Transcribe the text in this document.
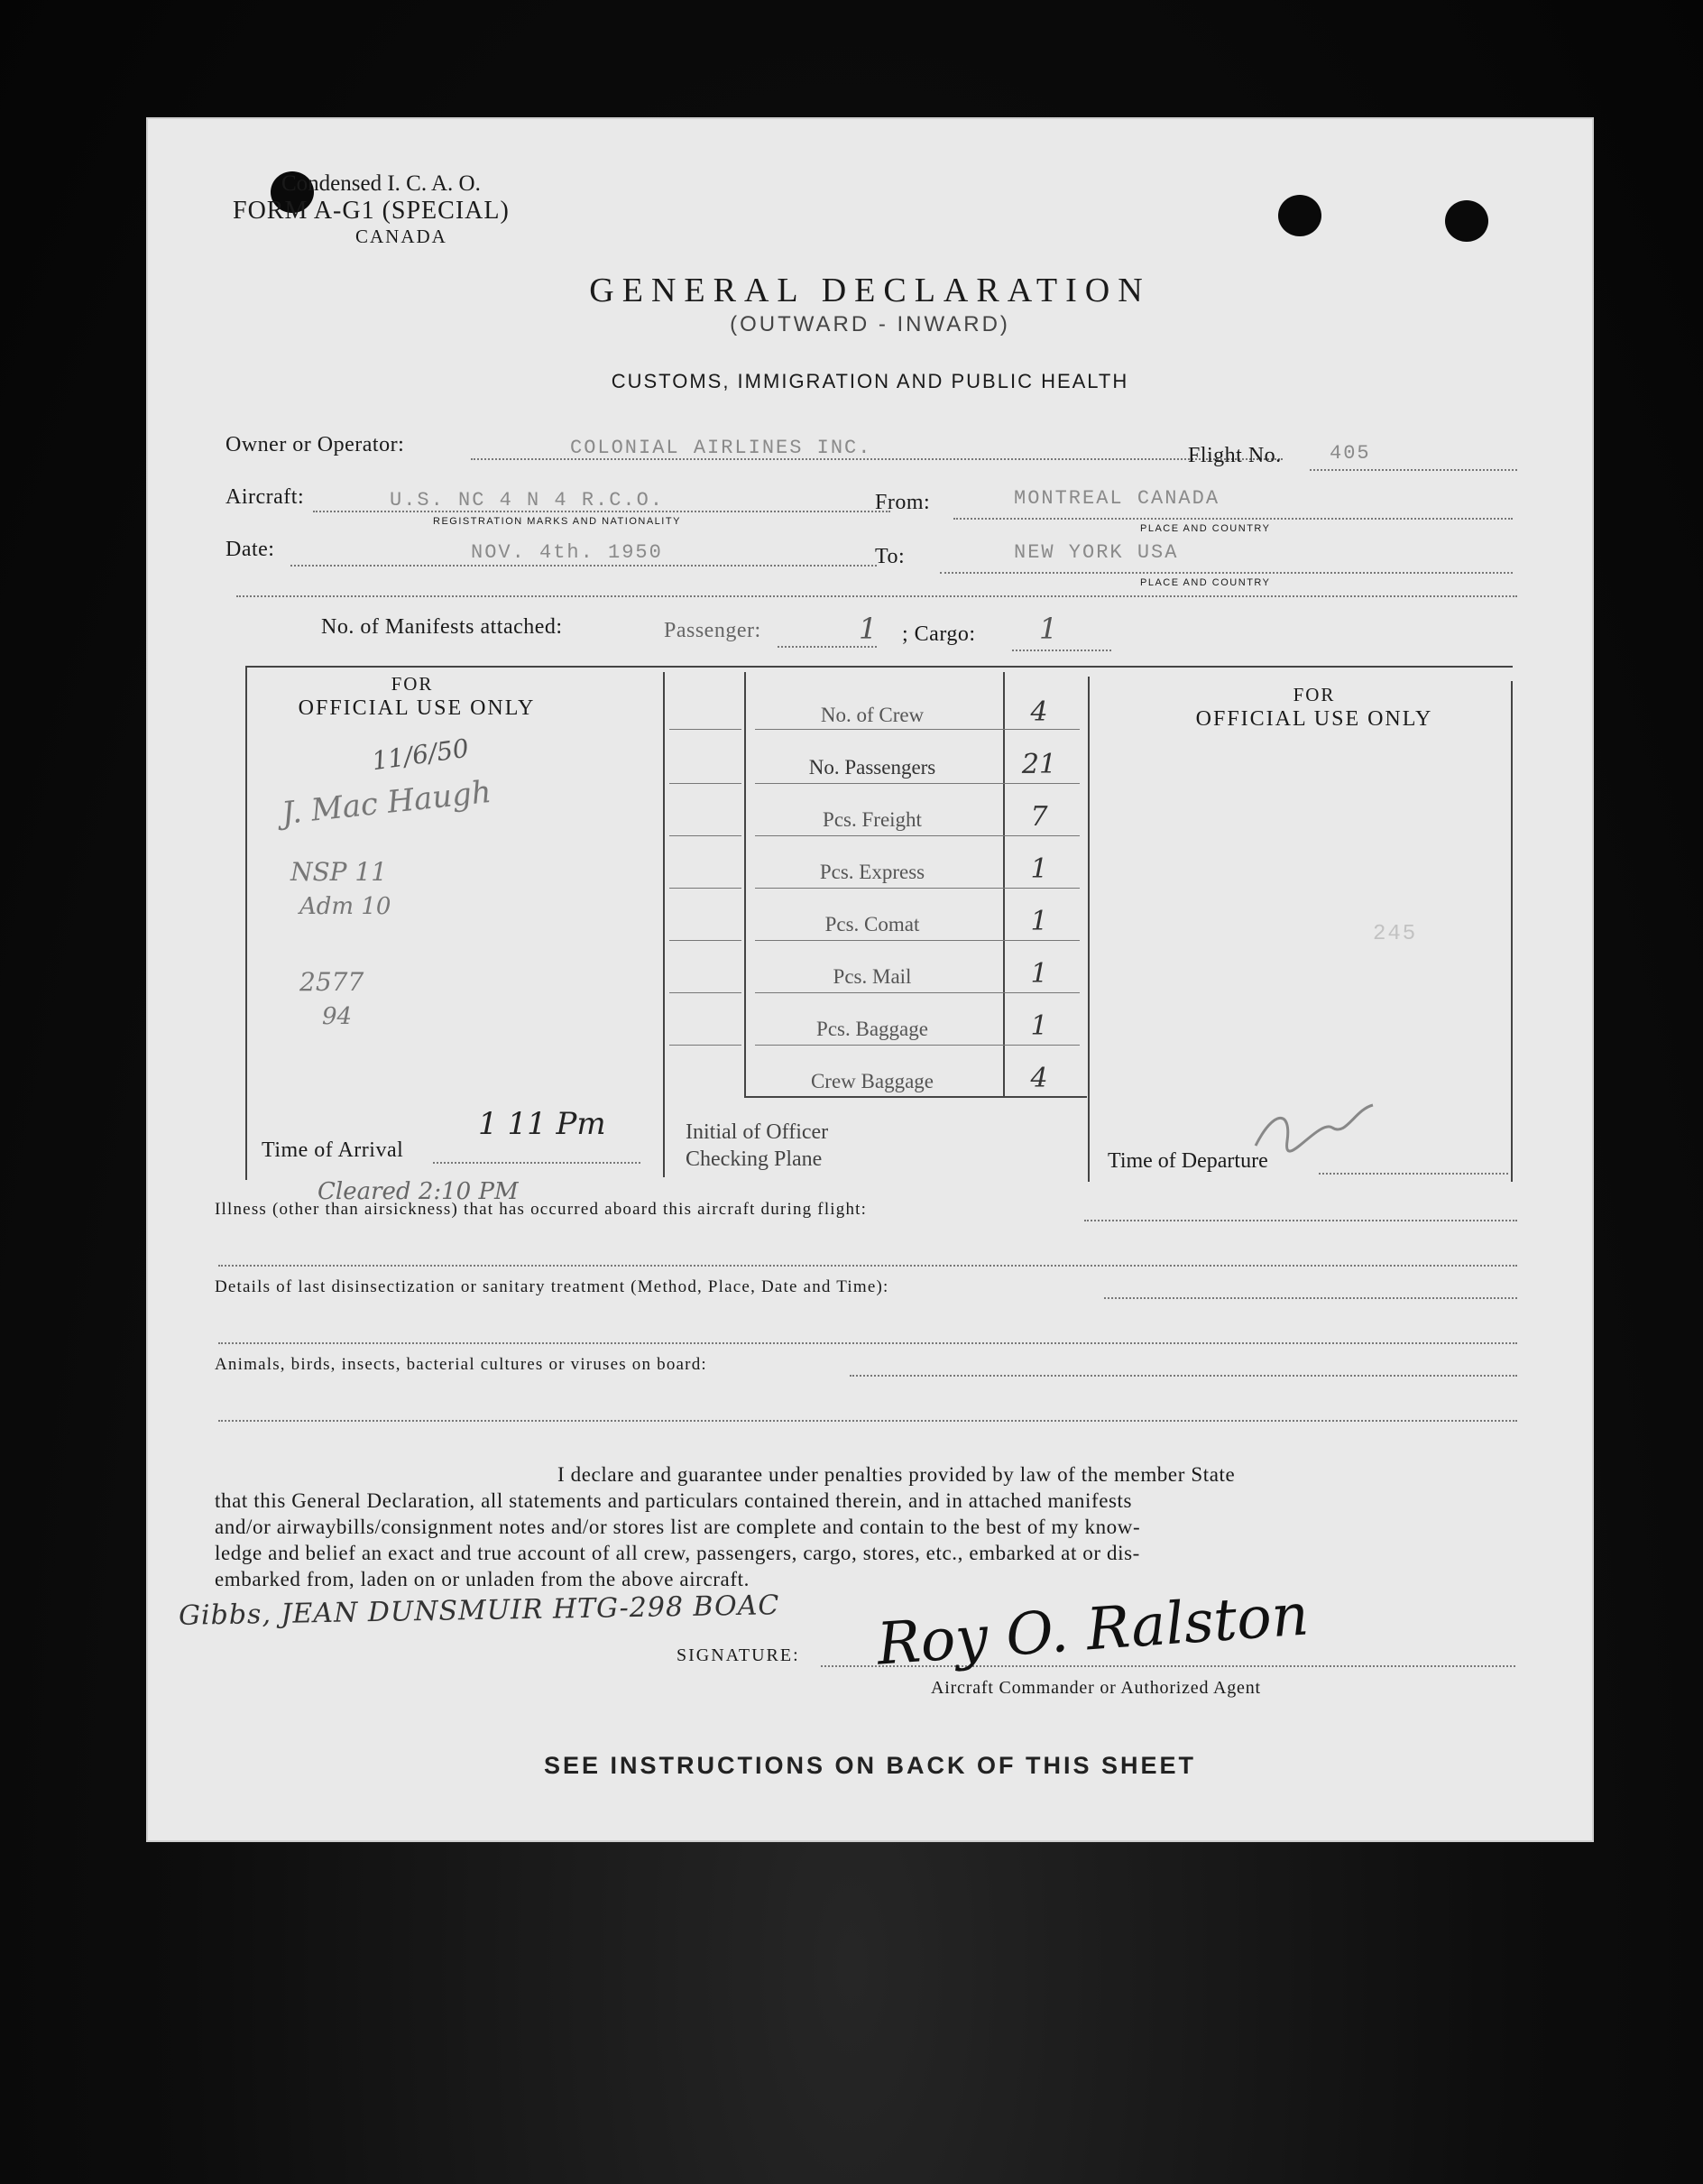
Condensed I. C. A. O.
FORM A-G1 (SPECIAL)
CANADA
GENERAL DECLARATION
(OUTWARD - INWARD)
CUSTOMS, IMMIGRATION AND PUBLIC HEALTH
Owner or Operator:	COLONIAL AIRLINES INC.	Flight No. 405
Aircraft:	U.S. NC 4 N 4 R.C.O.
REGISTRATION MARKS AND NATIONALITY
From:	MONTREAL CANADA
PLACE AND COUNTRY
Date:	NOV. 4th. 1950	To:	NEW YORK USA
PLACE AND COUNTRY
No. of Manifests attached:	Passenger:	1 ; Cargo: 1
FOR
OFFICIAL USE ONLY
11/6/50
J. Mac Haugh
NSP 11
Adm 10
2577
94
Time of Arrival
1 11 Pm
No. of Crew	4
No. Passengers	21
Pcs. Freight	7
Pcs. Express	1
Pcs. Comat	1
Pcs. Mail	1
Pcs. Baggage	1
Crew Baggage	4
Initial of Officer
Checking Plane
FOR
OFFICIAL USE ONLY
245
Time of Departure
Cleared 2:10 PM
Illness (other than airsickness) that has occurred aboard this aircraft during flight:
Details of last disinsectization or sanitary treatment (Method, Place, Date and Time):
Animals, birds, insects, bacterial cultures or viruses on board:
I declare and guarantee under penalties provided by law of the member State
that this General Declaration, all statements and particulars contained therein, and in attached manifests
and/or airwaybills/consignment notes and/or stores list are complete and contain to the best of my know-
ledge and belief an exact and true account of all crew, passengers, cargo, stores, etc., embarked at or dis-
embarked from, laden on or unladen from the above aircraft.
Gibbs, JEAN DUNSMUIR HTG-298 BOAC
SIGNATURE: Roy O. Ralston
Aircraft Commander or Authorized Agent
SEE INSTRUCTIONS ON BACK OF THIS SHEET
